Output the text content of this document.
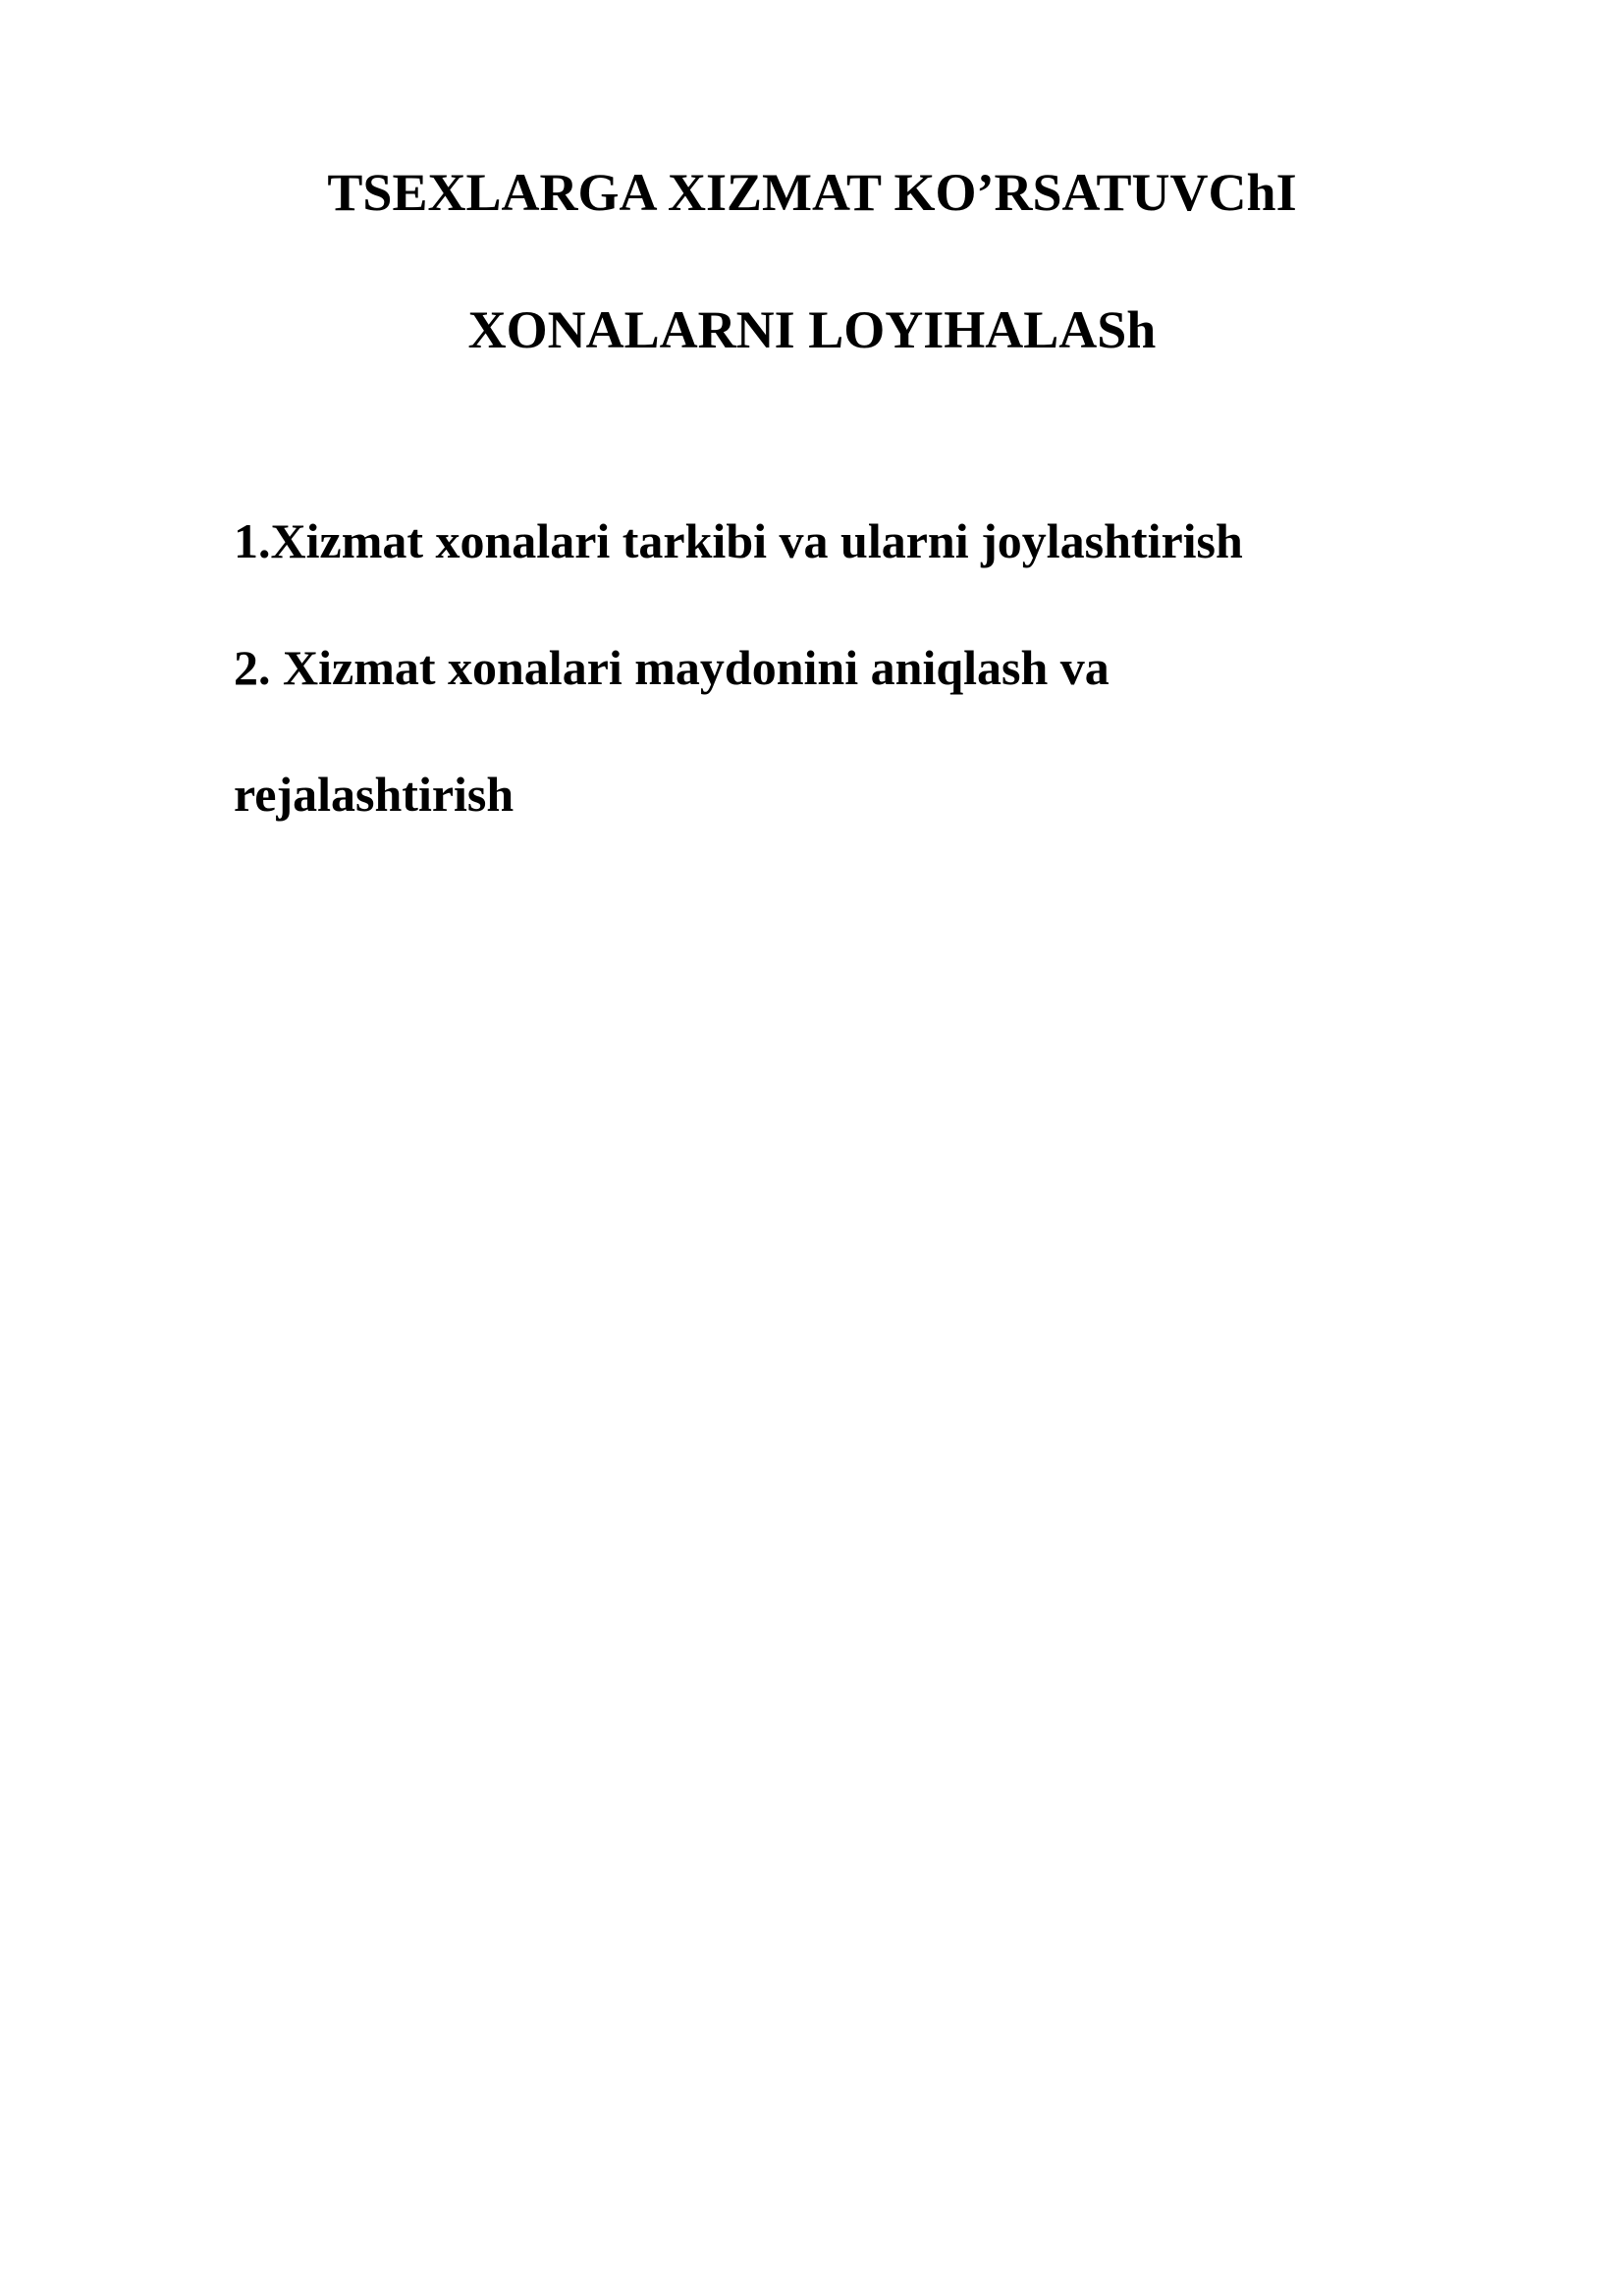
TSEXLARGA XIZMAT KO’RSATUVChI
XONALARNI LOYIHALASh

1.Xizmat xonalari tarkibi va ularni joylashtirish

2. Xizmat xonalari maydonini aniqlash va

rejalashtirish
